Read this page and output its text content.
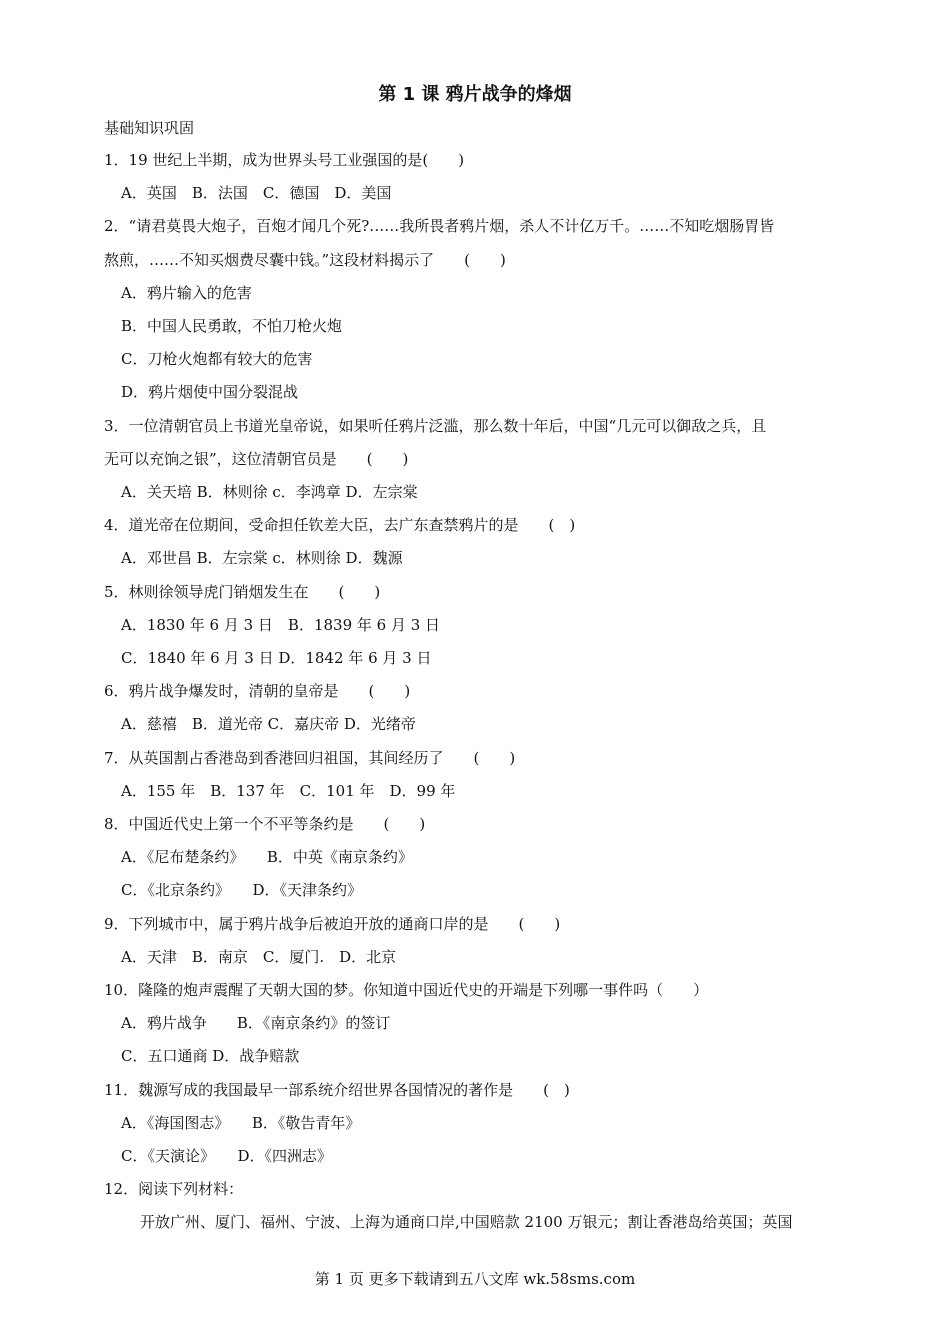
第 1 课 鸦片战争的烽烟
基础知识巩固
1．19 世纪上半期，成为世界头号工业强国的是(　　)
A．英国　B．法国　C．德国　D．美国
2．“请君莫畏大炮子，百炮才闻几个死?……我所畏者鸦片烟，杀人不计亿万千。……不知吃烟肠胃皆
熬煎，……不知买烟费尽囊中钱。”这段材料揭示了　　(　　)
A．鸦片输入的危害
B．中国人民勇敢，不怕刀枪火炮
C．刀枪火炮都有较大的危害
D．鸦片烟使中国分裂混战
3．一位清朝官员上书道光皇帝说，如果听任鸦片泛滥，那么数十年后，中国“几元可以御敌之兵，且
无可以充饷之银”，这位清朝官员是　　(　　)
A．关天培 B．林则徐 c．李鸿章 D．左宗棠
4．道光帝在位期间，受命担任钦差大臣，去广东查禁鸦片的是　　(　)
A．邓世昌 B．左宗棠 c．林则徐 D．魏源
5．林则徐领导虎门销烟发生在　　(　　)
A．1830 年 6 月 3 日　B．1839 年 6 月 3 日
C．1840 年 6 月 3 日 D．1842 年 6 月 3 日
6．鸦片战争爆发时，清朝的皇帝是　　(　　)
A．慈禧　B．道光帝 C．嘉庆帝 D．光绪帝
7．从英国割占香港岛到香港回归祖国，其间经历了　　(　　)
A．155 年　B．137 年　C．101 年　D．99 年
8．中国近代史上第一个不平等条约是　　(　　)
A．《尼布楚条约》　　B．中英《南京条约》
C．《北京条约》　　D．《天津条约》
9．下列城市中，属于鸦片战争后被迫开放的通商口岸的是　　(　　)
A．天津　B．南京　C．厦门.　D．北京
10．隆隆的炮声震醒了天朝大国的梦。你知道中国近代史的开端是下列哪一事件吗（　　）
A．鸦片战争　　B．《南京条约》的签订
C．五口通商 D．战争赔款
11．魏源写成的我国最早一部系统介绍世界各国情况的著作是　　(　)
A．《海国图志》　　B．《敬告青年》
C．《天演论》　　D．《四洲志》
12．阅读下列材料：
开放广州、厦门、福州、宁波、上海为通商口岸,中国赔款 2100 万银元；割让香港岛给英国；英国
第 1 页 更多下载请到五八文库 wk.58sms.com
